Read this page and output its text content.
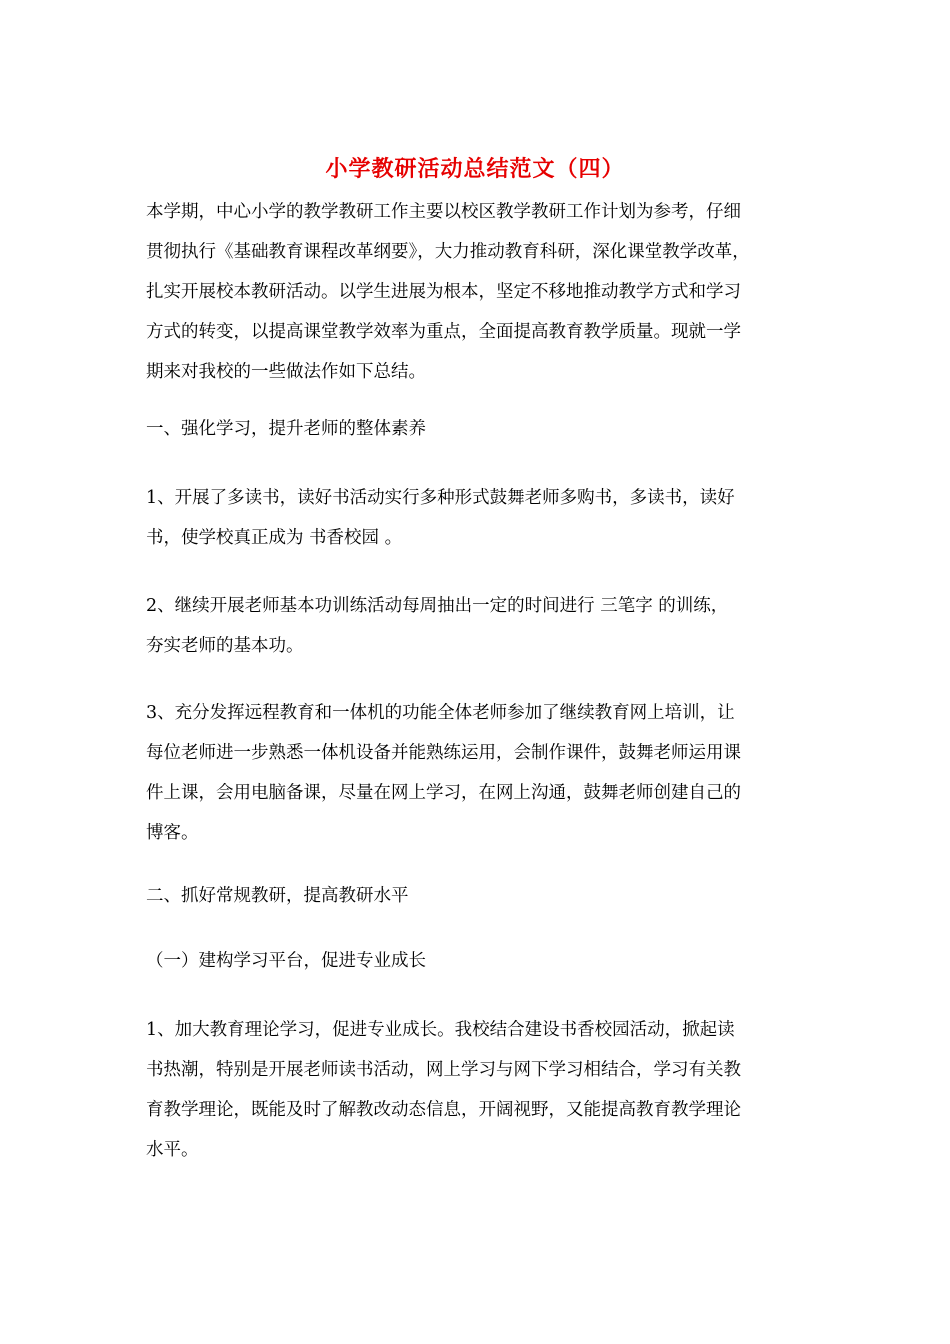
小学教研活动总结范文（四）

本学期，中心小学的教学教研工作主要以校区教学教研工作计划为参考，仔细
贯彻执行《基础教育课程改革纲要》，大力推动教育科研，深化课堂教学改革，
扎实开展校本教研活动。以学生进展为根本，坚定不移地推动教学方式和学习
方式的转变，以提高课堂教学效率为重点，全面提高教育教学质量。现就一学
期来对我校的一些做法作如下总结。

一、强化学习，提升老师的整体素养

1、开展了多读书，读好书活动实行多种形式鼓舞老师多购书，多读书，读好
书，使学校真正成为 书香校园 。

2、继续开展老师基本功训练活动每周抽出一定的时间进行 三笔字 的训练，
夯实老师的基本功。

3、充分发挥远程教育和一体机的功能全体老师参加了继续教育网上培训，让
每位老师进一步熟悉一体机设备并能熟练运用，会制作课件，鼓舞老师运用课
件上课，会用电脑备课，尽量在网上学习，在网上沟通，鼓舞老师创建自己的
博客。

二、抓好常规教研，提高教研水平

（一）建构学习平台，促进专业成长

1、加大教育理论学习，促进专业成长。我校结合建设书香校园活动，掀起读
书热潮，特别是开展老师读书活动，网上学习与网下学习相结合，学习有关教
育教学理论，既能及时了解教改动态信息，开阔视野，又能提高教育教学理论
水平。
